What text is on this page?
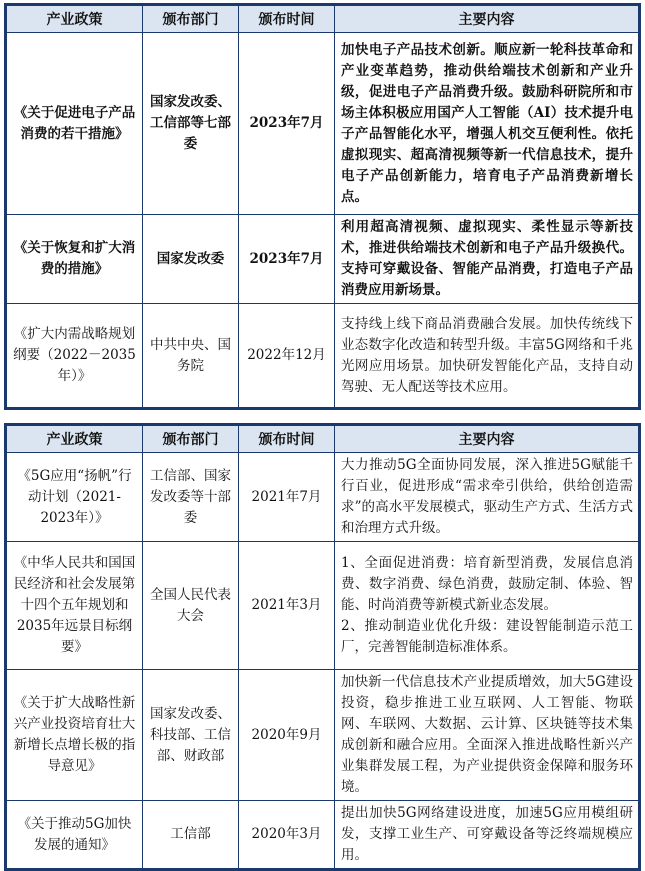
产业政策	颁布部门	颁布时间	主要内容
《关于促进电子产品消费的若干措施》	国家发改委、工信部等七部委	2023年7月	加快电子产品技术创新。顺应新一轮科技革命和产业变革趋势，推动供给端技术创新和产业升级，促进电子产品消费升级。鼓励科研院所和市场主体积极应用国产人工智能（AI）技术提升电子产品智能化水平，增强人机交互便利性。依托虚拟现实、超高清视频等新一代信息技术，提升电子产品创新能力，培育电子产品消费新增长点。

《关于恢复和扩大消费的措施》	国家发改委	2023年7月	利用超高清视频、虚拟现实、柔性显示等新技术，推进供给端技术创新和电子产品升级换代。支持可穿戴设备、智能产品消费，打造电子产品消费应用新场景。

《扩大内需战略规划纲要（2022－2035年）》	中共中央、国务院	2022年12月	支持线上线下商品消费融合发展。加快传统线下业态数字化改造和转型升级。丰富5G网络和千兆光网应用场景。加快研发智能化产品，支持自动驾驶、无人配送等技术应用。
产业政策	颁布部门	颁布时间	主要内容
《5G应用“扬帆”行动计划（2021-2023年）》	工信部、国家发改委等十部委	2021年7月	大力推动5G全面协同发展，深入推进5G赋能千行百业，促进形成“需求牵引供给，供给创造需求”的高水平发展模式，驱动生产方式、生活方式和治理方式升级。

《中华人民共和国国民经济和社会发展第十四个五年规划和2035年远景目标纲要》	全国人民代表大会	2021年3月	1、全面促进消费：培育新型消费，发展信息消费、数字消费、绿色消费，鼓励定制、体验、智能、时尚消费等新模式新业态发展。
2、推动制造业优化升级：建设智能制造示范工厂，完善智能制造标准体系。

《关于扩大战略性新兴产业投资培育壮大新增长点增长极的指导意见》	国家发改委、科技部、工信部、财政部	2020年9月	加快新一代信息技术产业提质增效，加大5G建设投资，稳步推进工业互联网、人工智能、物联网、车联网、大数据、云计算、区块链等技术集成创新和融合应用。全面深入推进战略性新兴产业集群发展工程，为产业提供资金保障和服务环境。

《关于推动5G加快发展的通知》	工信部	2020年3月	提出加快5G网络建设进度，加速5G应用模组研发，支撑工业生产、可穿戴设备等泛终端规模应用。
